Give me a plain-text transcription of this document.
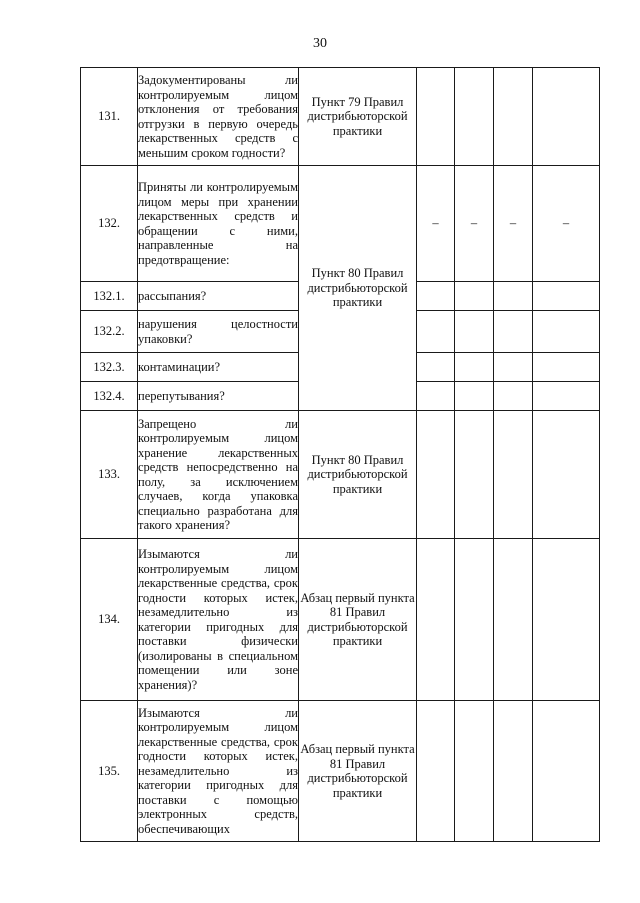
30
131.	Задокументированы ли контролируемым лицом отклонения от требования отгрузки в первую очередь лекарственных средств с меньшим сроком годности?	Пункт 79 Правил дистрибьюторской практики				
132.	Приняты ли контролируемым лицом меры при хранении лекарственных средств и обращении с ними, направленные на предотвращение:	Пункт 80 Правил дистрибьюторской практики	–	–	–	–
132.1.	рассыпания?					
132.2.	нарушения целостности упаковки?					
132.3.	контаминации?					
132.4.	перепутывания?					
133.	Запрещено ли контролируемым лицом хранение лекарственных средств непосредственно на полу, за исключением случаев, когда упаковка специально разработана для такого хранения?	Пункт 80 Правил дистрибьюторской практики				
134.	Изымаются ли контролируемым лицом лекарственные средства, срок годности которых истек, незамедлительно из категории пригодных для поставки физически (изолированы в специальном помещении или зоне хранения)?	Абзац первый пункта 81 Правил дистрибьюторской практики				
135.	Изымаются ли контролируемым лицом лекарственные средства, срок годности которых истек, незамедлительно из категории пригодных для поставки с помощью электронных средств, обеспечивающих	Абзац первый пункта 81 Правил дистрибьюторской практики				
